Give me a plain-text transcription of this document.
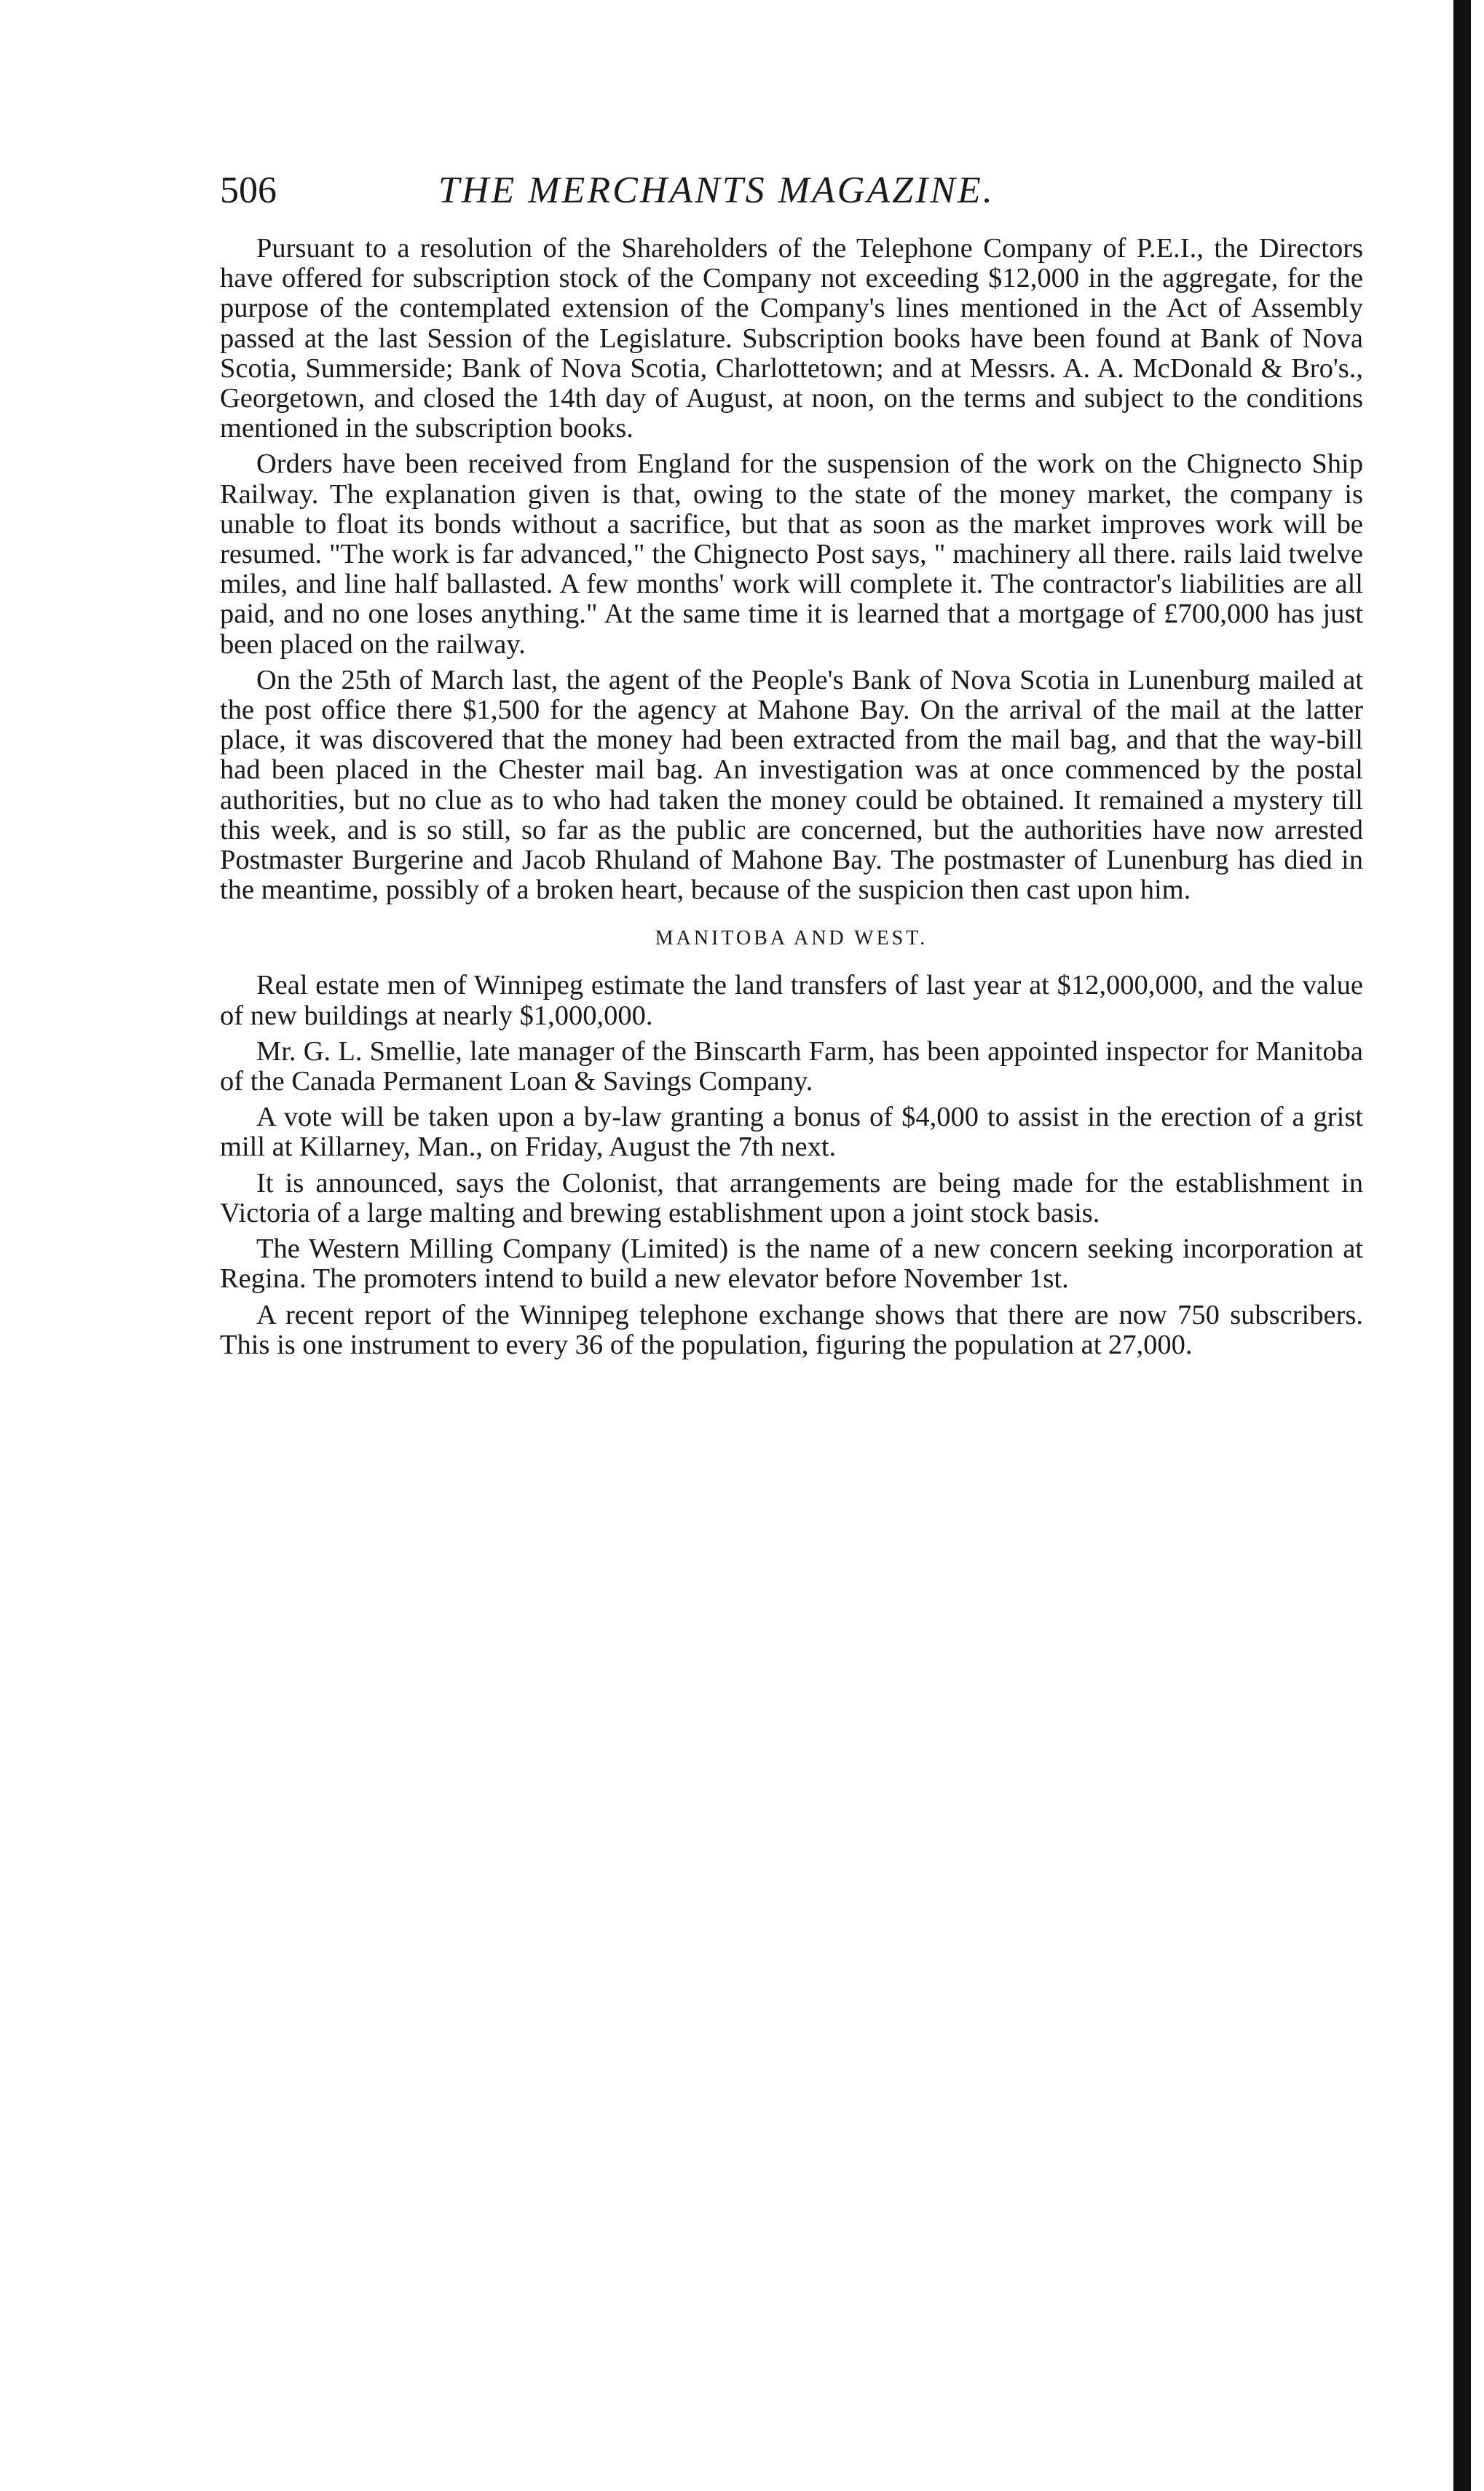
506	THE MERCHANTS MAGAZINE.

Pursuant to a resolution of the Shareholders of the Telephone Company of P.E.I., the Directors have offered for subscription stock of the Company not exceeding $12,000 in the aggregate, for the purpose of the contemplated extension of the Company's lines mentioned in the Act of Assembly passed at the last Session of the Legislature. Subscription books have been found at Bank of Nova Scotia, Summerside; Bank of Nova Scotia, Charlottetown; and at Messrs. A. A. McDonald & Bro's., Georgetown, and closed the 14th day of August, at noon, on the terms and subject to the conditions mentioned in the subscription books.

Orders have been received from England for the suspension of the work on the Chignecto Ship Railway. The explanation given is that, owing to the state of the money market, the company is unable to float its bonds without a sacrifice, but that as soon as the market improves work will be resumed. "The work is far advanced," the Chignecto Post says, " machinery all there. rails laid twelve miles, and line half ballasted. A few months' work will complete it. The contractor's liabilities are all paid, and no one loses anything." At the same time it is learned that a mortgage of £700,000 has just been placed on the railway.

On the 25th of March last, the agent of the People's Bank of Nova Scotia in Lunenburg mailed at the post office there $1,500 for the agency at Mahone Bay. On the arrival of the mail at the latter place, it was discovered that the money had been extracted from the mail bag, and that the way-bill had been placed in the Chester mail bag. An investigation was at once commenced by the postal authorities, but no clue as to who had taken the money could be obtained. It remained a mystery till this week, and is so still, so far as the public are concerned, but the authorities have now arrested Postmaster Burgerine and Jacob Rhuland of Mahone Bay. The postmaster of Lunenburg has died in the meantime, possibly of a broken heart, because of the suspicion then cast upon him.

MANITOBA AND WEST.

Real estate men of Winnipeg estimate the land transfers of last year at $12,000,000, and the value of new buildings at nearly $1,000,000.

Mr. G. L. Smellie, late manager of the Binscarth Farm, has been appointed inspector for Manitoba of the Canada Permanent Loan & Savings Company.

A vote will be taken upon a by-law granting a bonus of $4,000 to assist in the erection of a grist mill at Killarney, Man., on Friday, August the 7th next.

It is announced, says the Colonist, that arrangements are being made for the establishment in Victoria of a large malting and brewing establishment upon a joint stock basis.

The Western Milling Company (Limited) is the name of a new concern seeking incorporation at Regina. The promoters intend to build a new elevator before November 1st.

A recent report of the Winnipeg telephone exchange shows that there are now 750 subscribers. This is one instrument to every 36 of the population, figuring the population at 27,000.
